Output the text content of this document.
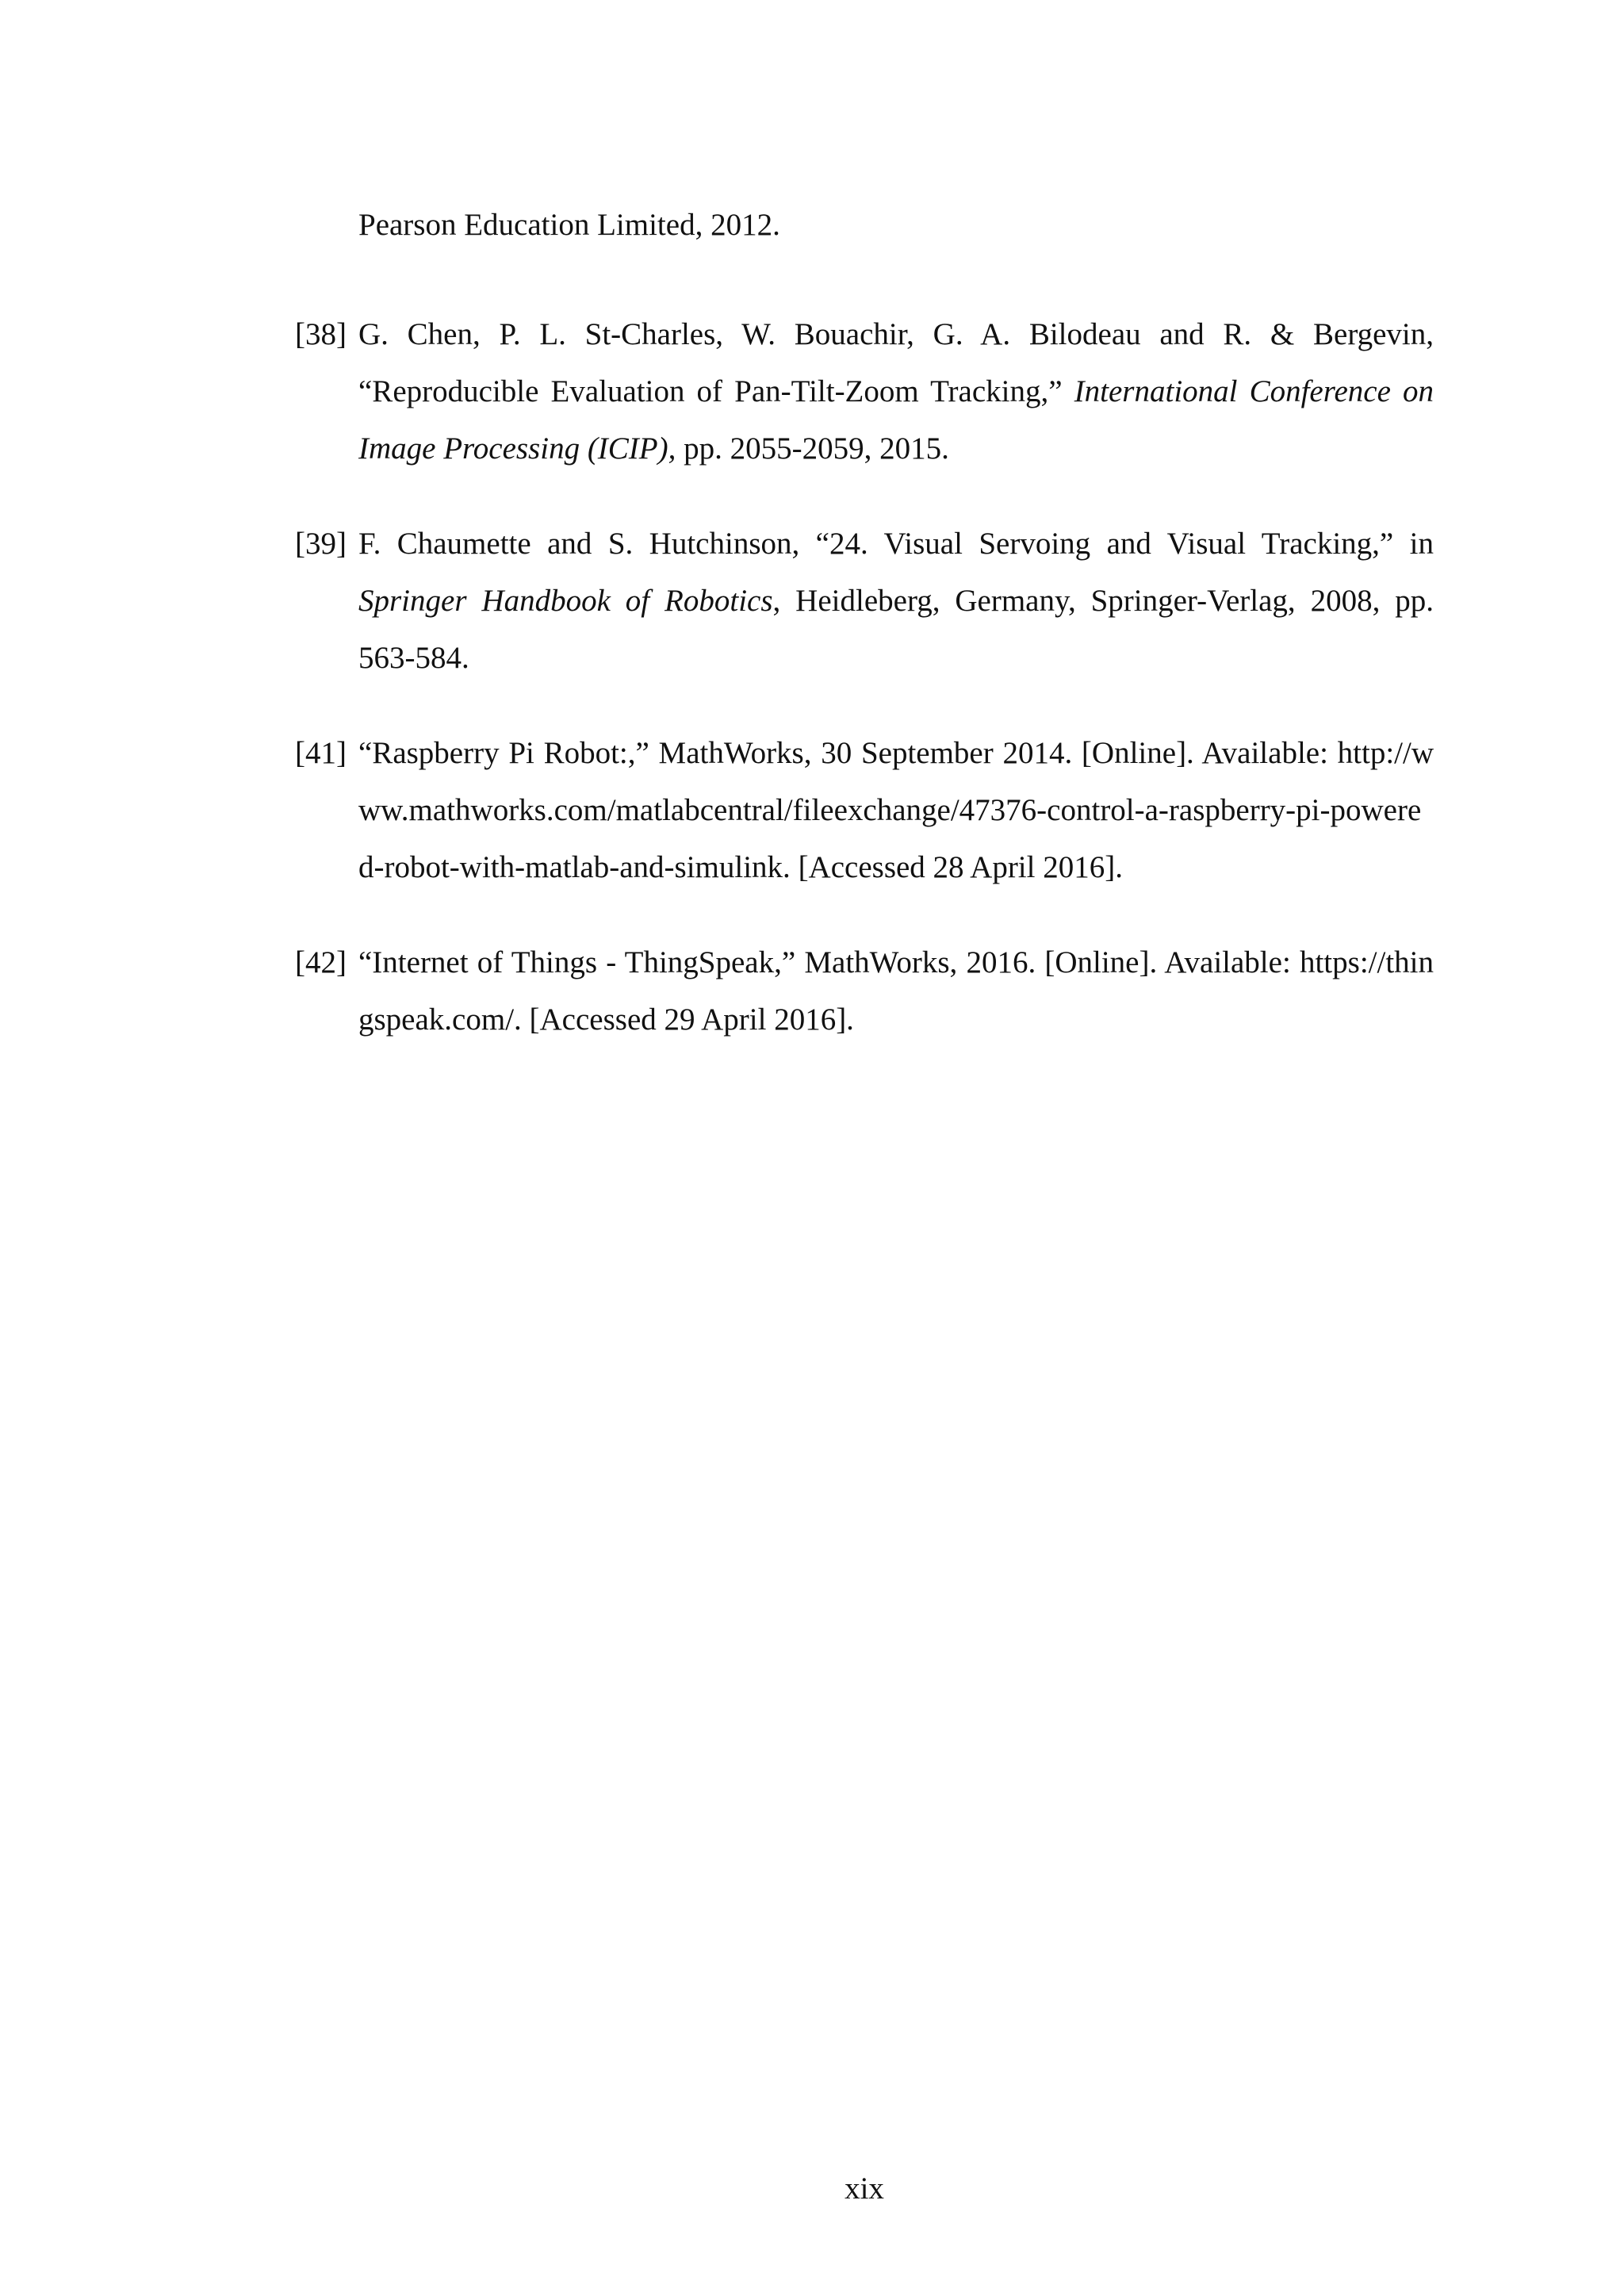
Pearson Education Limited, 2012.

[38] G. Chen, P. L. St-Charles, W. Bouachir, G. A. Bilodeau and R. & Bergevin, “Reproducible Evaluation of Pan-Tilt-Zoom Tracking,” International Conference on Image Processing (ICIP), pp. 2055-2059, 2015.
[39] F. Chaumette and S. Hutchinson, “24. Visual Servoing and Visual Tracking,” in Springer Handbook of Robotics, Heidleberg, Germany, Springer-Verlag, 2008, pp. 563-584.
[41] “Raspberry Pi Robot:,” MathWorks, 30 September 2014. [Online]. Available: http://www.mathworks.com/matlabcentral/fileexchange/47376-control-a-raspberry-pi-powered-robot-with-matlab-and-simulink. [Accessed 28 April 2016].
[42] “Internet of Things - ThingSpeak,” MathWorks, 2016. [Online]. Available: https://thingspeak.com/. [Accessed 29 April 2016].
xix
